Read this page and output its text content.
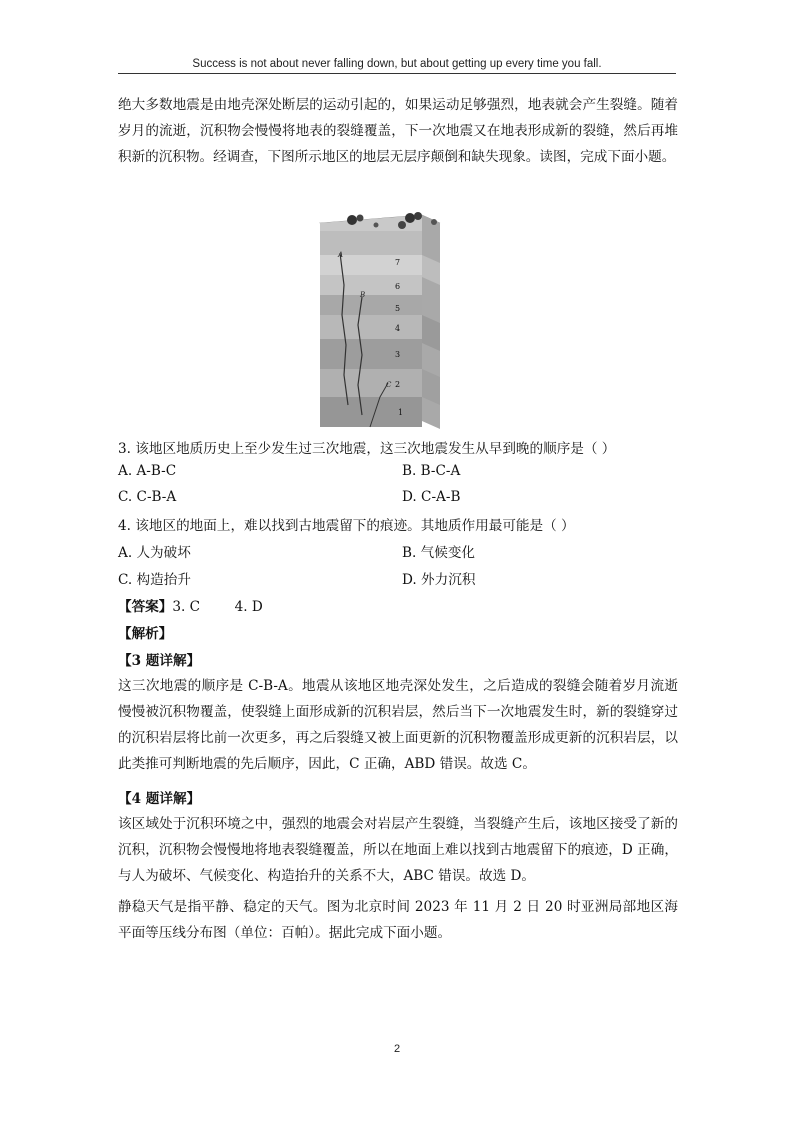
Success is not about never falling down, but about getting up every time you fall.

绝大多数地震是由地壳深处断层的运动引起的，如果运动足够强烈，地表就会产生裂缝。随着岁月的流逝，沉积物会慢慢将地表的裂缝覆盖，下一次地震又在地表形成新的裂缝，然后再堆积新的沉积物。经调查，下图所示地区的地层无层序颠倒和缺失现象。读图，完成下面小题。

A
B
C
7
6
5
4
3
2
1
3. 该地区地质历史上至少发生过三次地震，这三次地震发生从早到晚的顺序是（ ）
A. A-B-C	B. B-C-A
C. C-B-A	D. C-A-B
4. 该地区的地面上，难以找到古地震留下的痕迹。其地质作用最可能是（ ）
A. 人为破坏	B. 气候变化
C. 构造抬升	D. 外力沉积
【答案】3. C        4. D
【解析】
【3 题详解】

这三次地震的顺序是 C-B-A。地震从该地区地壳深处发生，之后造成的裂缝会随着岁月流逝慢慢被沉积物覆盖，使裂缝上面形成新的沉积岩层，然后当下一次地震发生时，新的裂缝穿过的沉积岩层将比前一次更多，再之后裂缝又被上面更新的沉积物覆盖形成更新的沉积岩层，以此类推可判断地震的先后顺序，因此，C 正确，ABD 错误。故选 C。

【4 题详解】

该区域处于沉积环境之中，强烈的地震会对岩层产生裂缝，当裂缝产生后，该地区接受了新的沉积，沉积物会慢慢地将地表裂缝覆盖，所以在地面上难以找到古地震留下的痕迹，D 正确，与人为破坏、气候变化、构造抬升的关系不大，ABC 错误。故选 D。

静稳天气是指平静、稳定的天气。图为北京时间 2023 年 11 月 2 日 20 时亚洲局部地区海平面等压线分布图（单位：百帕）。据此完成下面小题。

2
